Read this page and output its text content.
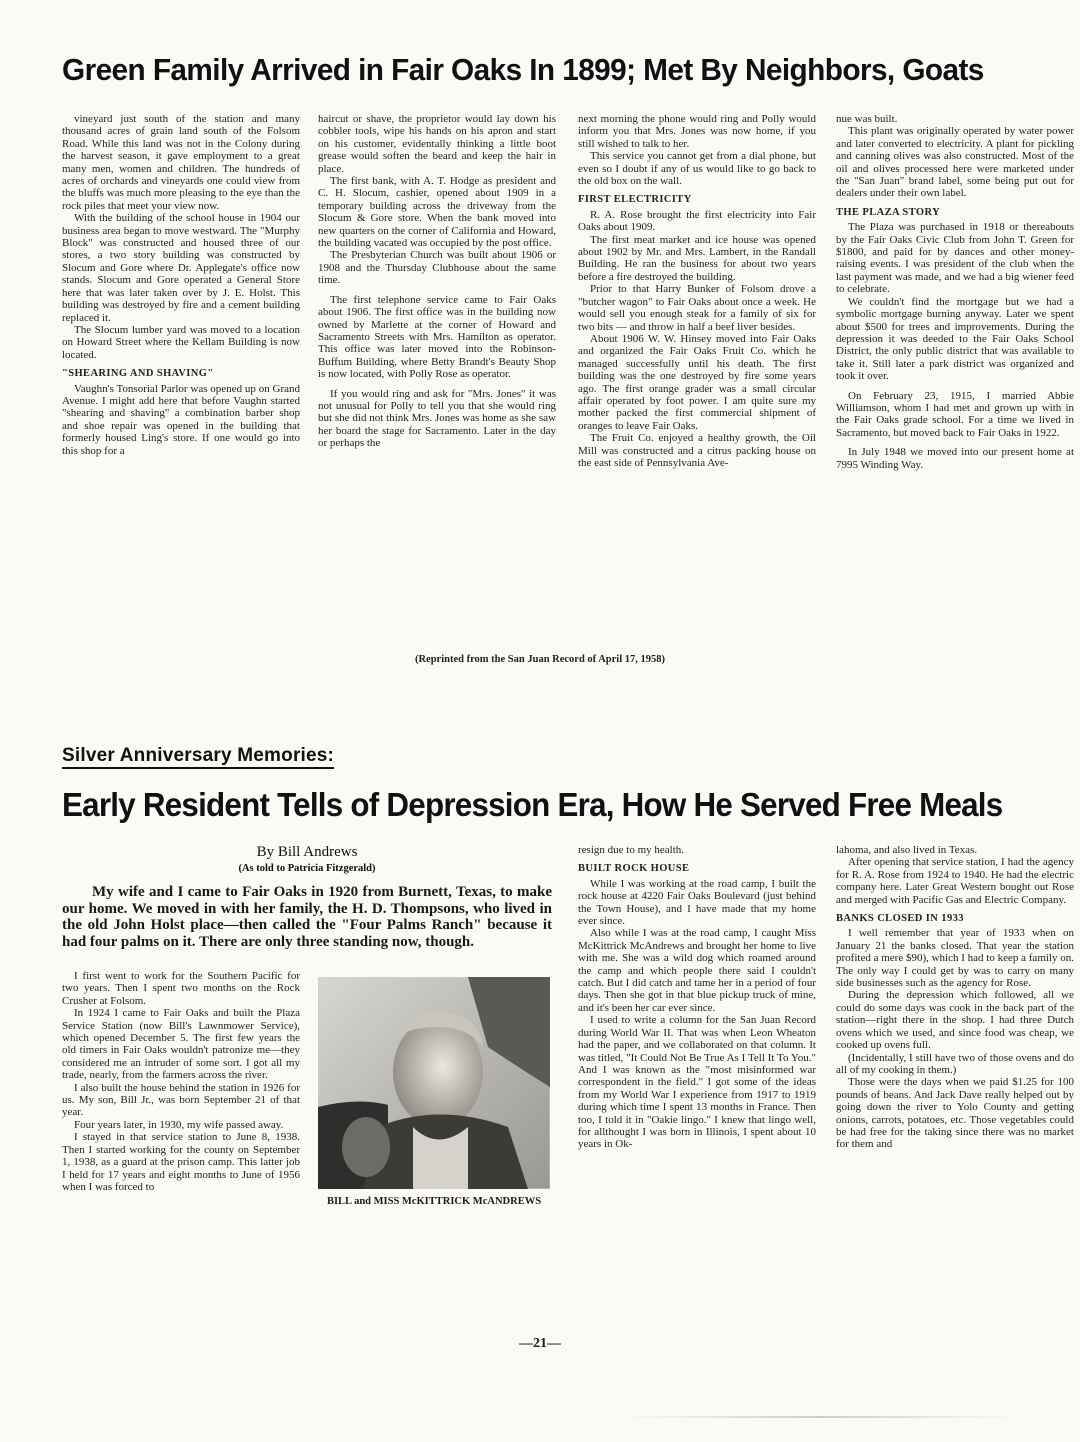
Green Family Arrived in Fair Oaks In 1899; Met By Neighbors, Goats

vineyard just south of the station and many thousand acres of grain land south of the Folsom Road. While this land was not in the Colony during the harvest season, it gave employment to a great many men, women and children. The hundreds of acres of orchards and vineyards one could view from the bluffs was much more pleasing to the eye than the rock piles that meet your view now.

With the building of the school house in 1904 our business area began to move westward. The "Murphy Block" was constructed and housed three of our stores, a two story building was constructed by Slocum and Gore where Dr. Applegate's office now stands. Slocum and Gore operated a General Store here that was later taken over by J. E. Holst. This building was destroyed by fire and a cement building replaced it.

The Slocum lumber yard was moved to a location on Howard Street where the Kellam Building is now located.

"SHEARING AND SHAVING"

Vaughn's Tonsorial Parlor was opened up on Grand Avenue. I might add here that before Vaughn started "shearing and shaving" a combination barber shop and shoe repair was opened in the building that formerly housed Ling's store. If one would go into this shop for a

haircut or shave, the proprietor would lay down his cobbler tools, wipe his hands on his apron and start on his customer, evidentally thinking a little boot grease would soften the beard and keep the hair in place.

The first bank, with A. T. Hodge as president and C. H. Slocum, cashier, opened about 1909 in a temporary building across the driveway from the Slocum & Gore store. When the bank moved into new quarters on the corner of California and Howard, the building vacated was occupied by the post office.

The Presbyterian Church was built about 1906 or 1908 and the Thursday Clubhouse about the same time.

The first telephone service came to Fair Oaks about 1906. The first office was in the building now owned by Marlette at the corner of Howard and Sacramento Streets with Mrs. Hamilton as operator. This office was later moved into the Robinson-Buffum Building, where Betty Brandt's Beauty Shop is now located, with Polly Rose as operator.

If you would ring and ask for "Mrs. Jones" it was not unusual for Polly to tell you that she would ring but she did not think Mrs. Jones was home as she saw her board the stage for Sacramento. Later in the day or perhaps the

next morning the phone would ring and Polly would inform you that Mrs. Jones was now home, if you still wished to talk to her.

This service you cannot get from a dial phone, but even so I doubt if any of us would like to go back to the old box on the wall.

FIRST ELECTRICITY

R. A. Rose brought the first electricity into Fair Oaks about 1909.

The first meat market and ice house was opened about 1902 by Mr. and Mrs. Lambert, in the Randall Building. He ran the business for about two years before a fire destroyed the building.

Prior to that Harry Bunker of Folsom drove a "butcher wagon" to Fair Oaks about once a week. He would sell you enough steak for a family of six for two bits — and throw in half a beef liver besides.

About 1906 W. W. Hinsey moved into Fair Oaks and organized the Fair Oaks Fruit Co. which he managed successfully until his death. The first building was the one destroyed by fire some years ago. The first orange grader was a small circular affair operated by foot power. I am quite sure my mother packed the first commercial shipment of oranges to leave Fair Oaks.

The Fruit Co. enjoyed a healthy growth, the Oil Mill was constructed and a citrus packing house on the east side of Pennsylvania Ave-

nue was built.

This plant was originally operated by water power and later converted to electricity. A plant for pickling and canning olives was also constructed. Most of the oil and olives processed here were marketed under the "San Juan" brand label, some being put out for dealers under their own label.

THE PLAZA STORY

The Plaza was purchased in 1918 or thereabouts by the Fair Oaks Civic Club from John T. Green for $1800, and paid for by dances and other money-raising events. I was president of the club when the last payment was made, and we had a big wiener feed to celebrate.

We couldn't find the mortgage but we had a symbolic mortgage burning anyway. Later we spent about $500 for trees and improvements. During the depression it was deeded to the Fair Oaks School District, the only public district that was available to take it. Still later a park district was organized and took it over.

On February 23, 1915, I married Abbie Williamson, whom I had met and grown up with in the Fair Oaks grade school. For a time we lived in Sacramento, but moved back to Fair Oaks in 1922.

In July 1948 we moved into our present home at 7995 Winding Way.

(Reprinted from the San Juan Record of April 17, 1958)
Silver Anniversary Memories:
Early Resident Tells of Depression Era, How He Served Free Meals
By Bill Andrews
(As told to Patricia Fitzgerald)

My wife and I came to Fair Oaks in 1920 from Burnett, Texas, to make our home. We moved in with her family, the H. D. Thompsons, who lived in the old John Holst place—then called the "Four Palms Ranch" because it had four palms on it. There are only three standing now, though.

I first went to work for the Southern Pacific for two years. Then I spent two months on the Rock Crusher at Folsom.

In 1924 I came to Fair Oaks and built the Plaza Service Station (now Bill's Lawnmower Service), which opened December 5. The first few years the old timers in Fair Oaks wouldn't patronize me—they considered me an intruder of some sort. I got all my trade, nearly, from the farmers across the river.

I also built the house behind the station in 1926 for us. My son, Bill Jr., was born September 21 of that year.

Four years later, in 1930, my wife passed away.

I stayed in that service station to June 8, 1938. Then I started working for the county on September 1, 1938, as a guard at the prison camp. This latter job I held for 17 years and eight months to June of 1956 when I was forced to

BILL and MISS McKITTRICK McANDREWS

resign due to my health.

BUILT ROCK HOUSE

While I was working at the road camp, I built the rock house at 4220 Fair Oaks Boulevard (just behind the Town House), and I have made that my home ever since.

Also while I was at the road camp, I caught Miss McKittrick McAndrews and brought her home to live with me. She was a wild dog which roamed around the camp and which people there said I couldn't catch. But I did catch and tame her in a period of four days. Then she got in that blue pickup truck of mine, and it's been her car ever since.

I used to write a column for the San Juan Record during World War II. That was when Leon Wheaton had the paper, and we collaborated on that column. It was titled, "It Could Not Be True As I Tell It To You." And I was known as the "most misinformed war correspondent in the field." I got some of the ideas from my World War I experience from 1917 to 1919 during which time I spent 13 months in France. Then too, I told it in "Oakie lingo." I knew that lingo well, for allthought I was born in Illinois, I spent about 10 years in Ok-

lahoma, and also lived in Texas.

After opening that service station, I had the agency for R. A. Rose from 1924 to 1940. He had the electric company here. Later Great Western bought out Rose and merged with Pacific Gas and Electric Company.

BANKS CLOSED IN 1933

I well remember that year of 1933 when on January 21 the banks closed. That year the station profited a mere $90), which I had to keep a family on. The only way I could get by was to carry on many side businesses such as the agency for Rose.

During the depression which followed, all we could do some days was cook in the back part of the station—right there in the shop. I had three Dutch ovens which we used, and since food was cheap, we cooked up ovens full.

(Incidentally, I still have two of those ovens and do all of my cooking in them.)

Those were the days when we paid $1.25 for 100 pounds of beans. And Jack Dave really helped out by going down the river to Yolo County and getting onions, carrots, potatoes, etc. Those vegetables could be had free for the taking since there was no market for them and

—21—
